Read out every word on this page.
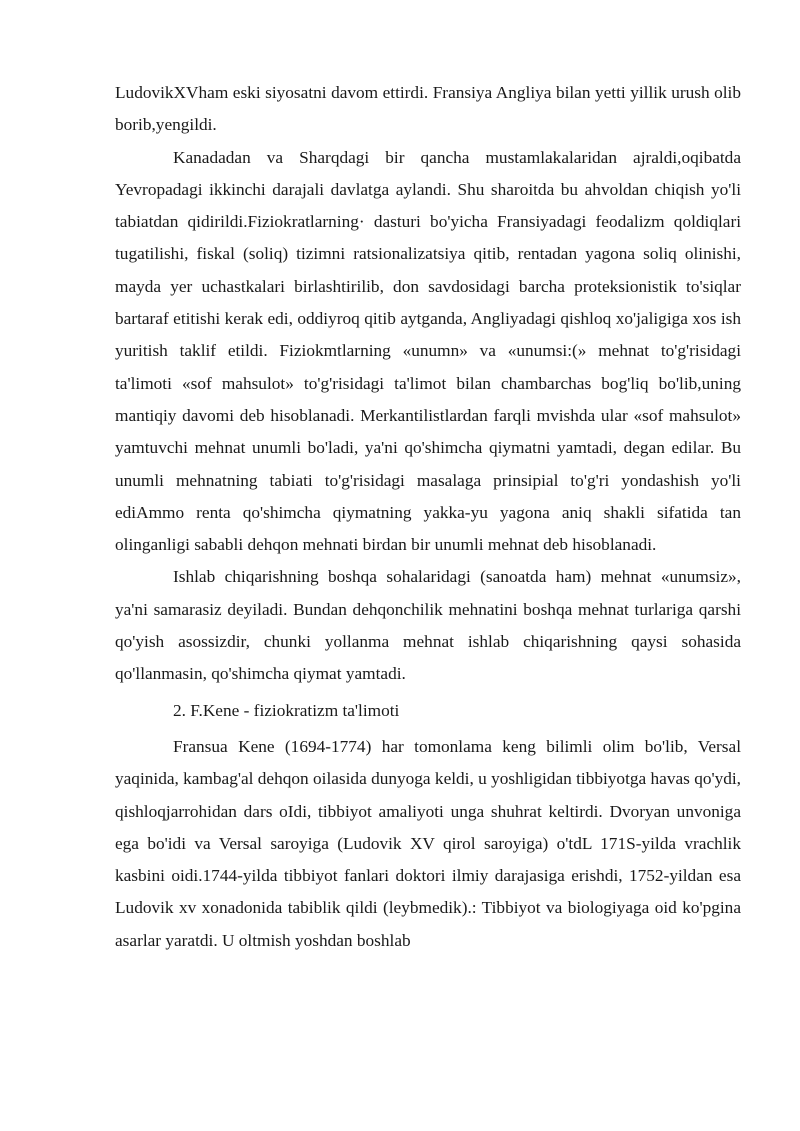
LudovikXVham eski siyosatni davom ettirdi. Fransiya Angliya bilan yetti yillik urush olib borib,yengildi.

Kanadadan va Sharqdagi bir qancha mustamlakalaridan ajraldi,oqibatda Yevropadagi ikkinchi darajali davlatga aylandi. Shu sharoitda bu ahvoldan chiqish yo'li tabiatdan qidirildi.Fiziokratlarning· dasturi bo'yicha Fransiyadagi feodalizm qoldiqlari tugatilishi, fiskal (soliq) tizimni ratsionalizatsiya qitib, rentadan yagona soliq olinishi, mayda yer uchastkalari birlashtirilib, don savdosidagi barcha proteksionistik to'siqlar bartaraf etitishi kerak edi, oddiyroq qitib aytganda, Angliyadagi qishloq xo'jaligiga xos ish yuritish taklif etildi. Fiziokmtlarning «unumn» va «unumsi:(» mehnat to'g'risidagi ta'limoti «sof mahsulot» to'g'risidagi ta'limot bilan chambarchas bog'liq bo'lib,uning mantiqiy davomi deb hisoblanadi. Merkantilistlardan farqli mvishda ular «sof mahsulot» yamtuvchi mehnat unumli bo'ladi, ya'ni qo'shimcha qiymatni yamtadi, degan edilar. Bu unumli mehnatning tabiati to'g'risidagi masalaga prinsipial to'g'ri yondashish yo'li ediAmmo renta qo'shimcha qiymatning yakka-yu yagona aniq shakli sifatida tan olinganligi sababli dehqon mehnati birdan bir unumli mehnat deb hisoblanadi.

Ishlab chiqarishning boshqa sohalaridagi (sanoatda ham) mehnat «unumsiz», ya'ni samarasiz deyiladi. Bundan dehqonchilik mehnatini boshqa mehnat turlariga qarshi qo'yish asossizdir, chunki yollanma mehnat ishlab chiqarishning qaysi sohasida qo'llanmasin, qo'shimcha qiymat yamtadi.

2. F.Kene - fiziokratizm ta'limoti

Fransua Kene (1694-1774) har tomonlama keng bilimli olim bo'lib, Versal yaqinida, kambag'al dehqon oilasida dunyoga keldi, u yoshligidan tibbiyotga havas qo'ydi, qishloqjarrohidan dars oIdi, tibbiyot amaliyoti unga shuhrat keltirdi. Dvoryan unvoniga ega bo'idi va Versal saroyiga (Ludovik XV qirol saroyiga) o'tdL 171S-yilda vrachlik kasbini oidi.1744-yilda tibbiyot fanlari doktori ilmiy darajasiga erishdi, 1752-yildan esa Ludovik xv xonadonida tabiblik qildi (leybmedik).: Tibbiyot va biologiyaga oid ko'pgina asarlar yaratdi. U oltmish yoshdan boshlab
